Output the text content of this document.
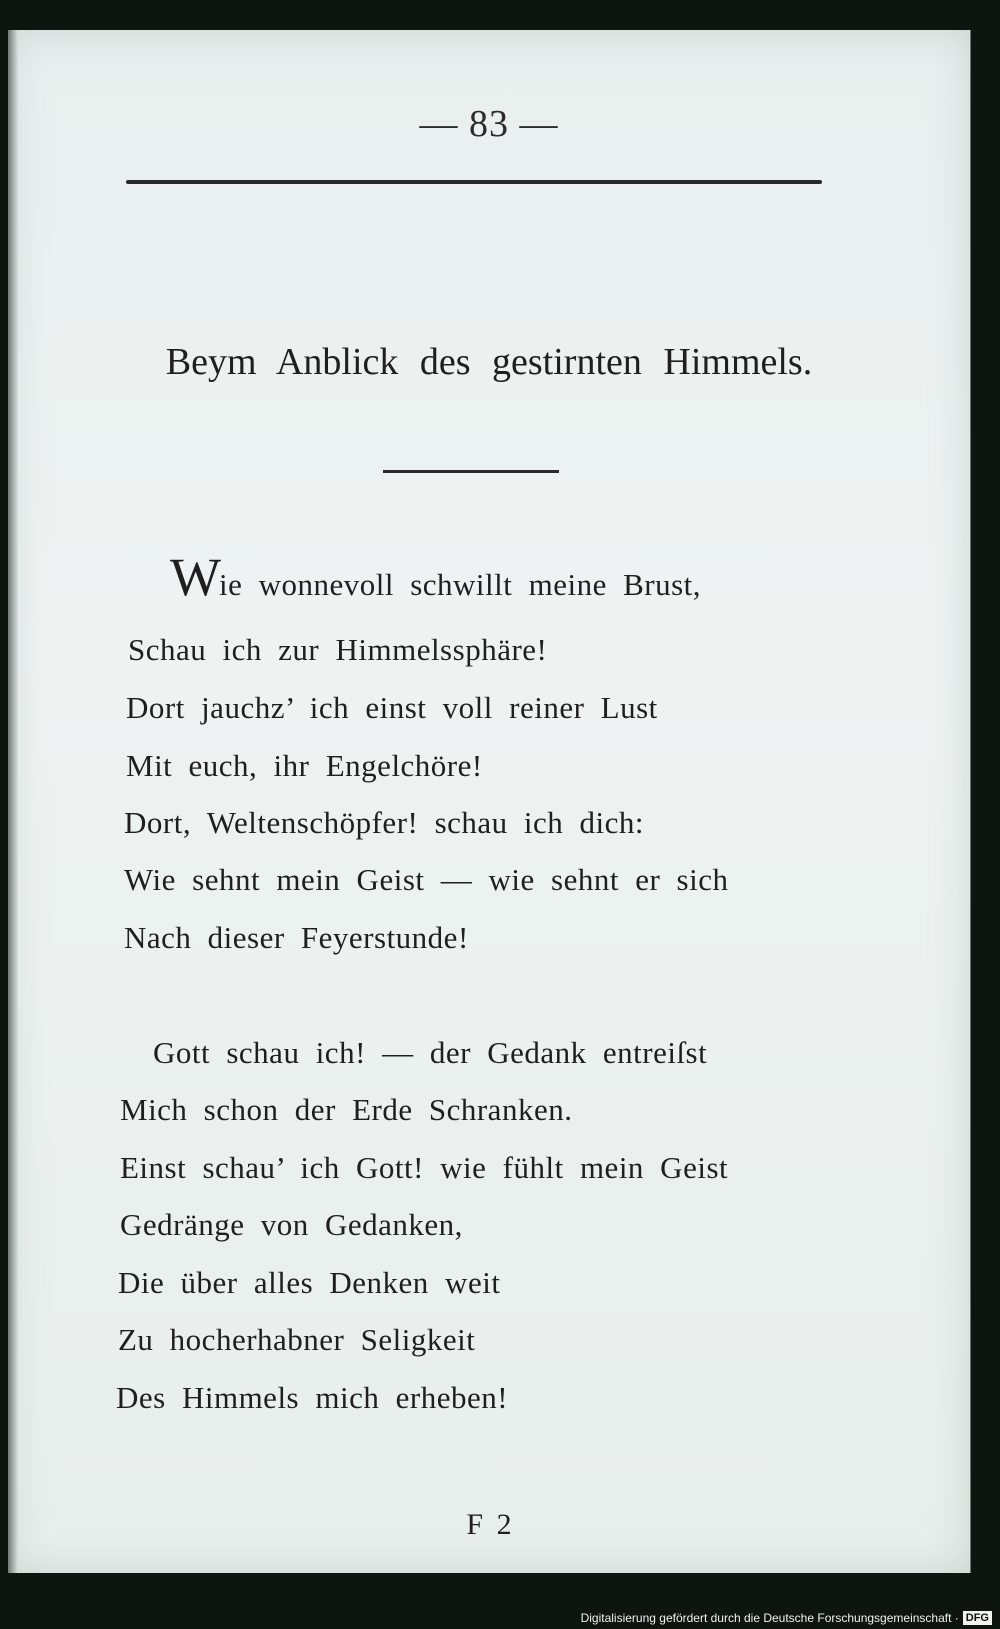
— 83 —
Beym Anblick des gestirnten Himmels.
Wie wonnevoll schwillt meine Brust,
Schau ich zur Himmelssphäre!
Dort jauchz’ ich einst voll reiner Lust
Mit euch, ihr Engelchöre!
Dort, Weltenschöpfer! schau ich dich:
Wie sehnt mein Geist — wie sehnt er sich
Nach dieser Feyerstunde!
Gott schau ich! — der Gedank entreiſst
Mich schon der Erde Schranken.
Einst schau’ ich Gott! wie fühlt mein Geist
Gedränge von Gedanken,
Die über alles Denken weit
Zu hocherhabner Seligkeit
Des Himmels mich erheben!
F 2
Digitalisierung gefördert durch die Deutsche Forschungsgemeinschaft · DFG
